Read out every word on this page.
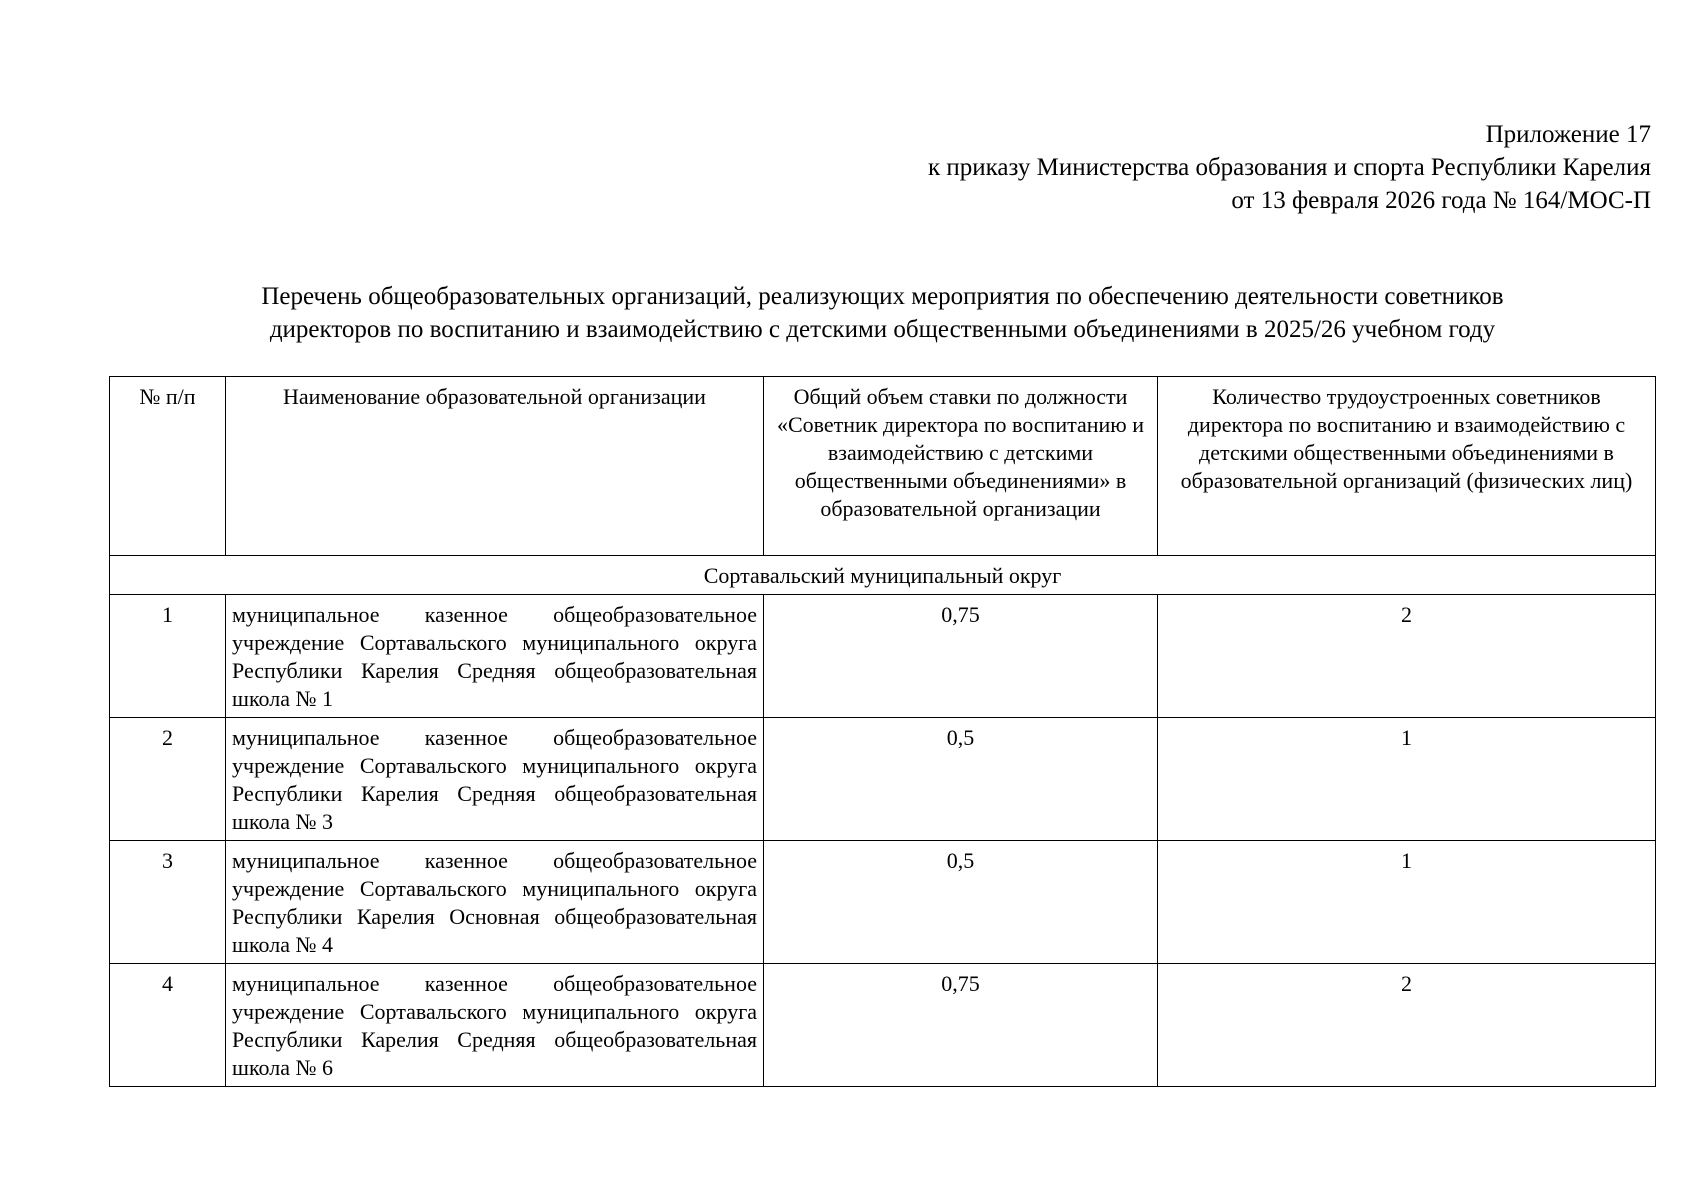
Приложение 17
к приказу Министерства образования и спорта Республики Карелия
от 13 февраля 2026 года № 164/МОС-П
Перечень общеобразовательных организаций, реализующих мероприятия по обеспечению деятельности советников
директоров по воспитанию и взаимодействию с детскими общественными объединениями в 2025/26 учебном году
№ п/п	Наименование образовательной организации	Общий объем ставки по должности «Советник директора по воспитанию и взаимодействию с детскими общественными объединениями» в образовательной организации	Количество трудоустроенных советников директора по воспитанию и взаимодействию с детскими общественными объединениями в образовательной организаций (физических лиц)
Сортавальский муниципальный округ			
1	муниципальное казенное общеобразовательное учреждение Сортавальского муниципального округа Республики Карелия Средняя общеобразовательная школа № 1	0,75	2
2	муниципальное казенное общеобразовательное учреждение Сортавальского муниципального округа Республики Карелия Средняя общеобразовательная школа № 3	0,5	1
3	муниципальное казенное общеобразовательное учреждение Сортавальского муниципального округа Республики Карелия Основная общеобразовательная школа № 4	0,5	1
4	муниципальное казенное общеобразовательное учреждение Сортавальского муниципального округа Республики Карелия Средняя общеобразовательная школа № 6	0,75	2
